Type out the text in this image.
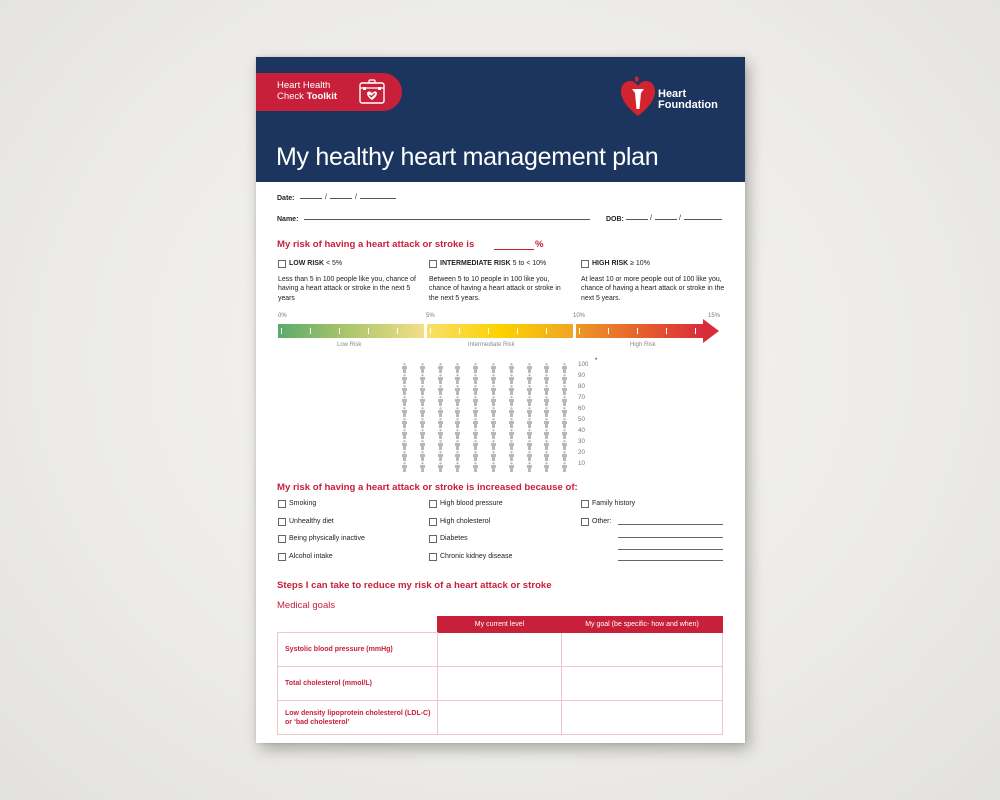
Heart Health
Check Toolkit	Heart
Foundation
My healthy heart management plan
Date:	/	/
Name:	DOB:	/	/
My risk of having a heart attack or stroke is	%
LOW RISK < 5%
Less than 5 in 100 people like you, chance of having a heart attack or stroke in the next 5 years
INTERMEDIATE RISK 5 to < 10%
Between 5 to 10 people in 100 like you, chance of having a heart attack or stroke in the next 5 years.
HIGH RISK ≥ 10%
At least 10 or more people out of 100 like you, chance of having a heart attack or stroke in the next 5 years.
0%	5%	10%	15%
Low Risk	Intermediate Risk	High Risk
100
90
80
70
60
50
40
30
20
10
*
My risk of having a heart attack or stroke is increased because of:
Smoking
Unhealthy diet
Being physically inactive
Alcohol intake
High blood pressure
High cholesterol
Diabetes
Chronic kidney disease
Family history
Other:
Steps I can take to reduce my risk of a heart attack or stroke
Medical goals
	My current level	My goal (be specific- how and when)
Systolic blood pressure (mmHg)		
Total cholesterol (mmol/L)		
Low density lipoprotein cholesterol (LDL-C) or ‘bad cholesterol’		
